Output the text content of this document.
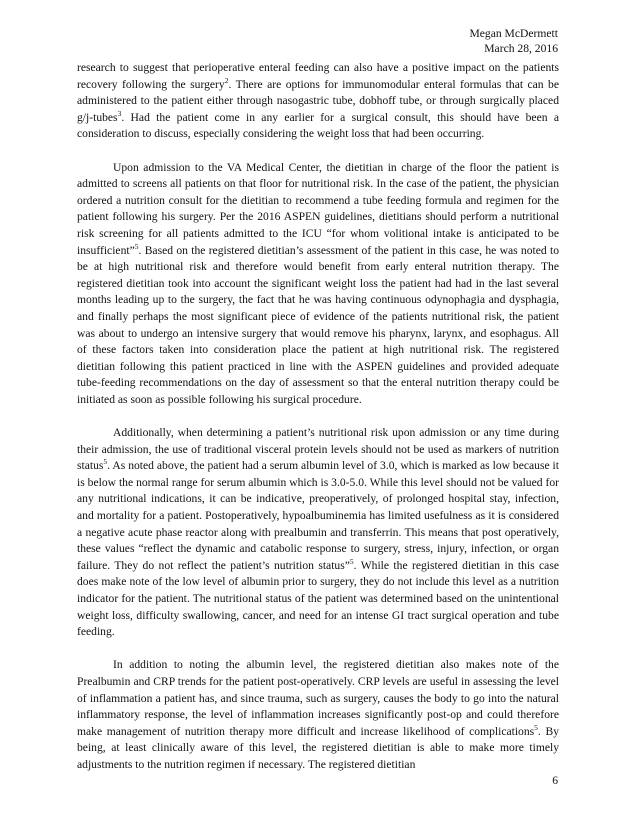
Megan McDermett
March 28, 2016

research to suggest that perioperative enteral feeding can also have a positive impact on the patients recovery following the surgery$^2$. There are options for immunomodular enteral formulas that can be administered to the patient either through nasogastric tube, dobhoff tube, or through surgically placed g/j-tubes$^3$. Had the patient come in any earlier for a surgical consult, this should have been a consideration to discuss, especially considering the weight loss that had been occurring.

Upon admission to the VA Medical Center, the dietitian in charge of the floor the patient is admitted to screens all patients on that floor for nutritional risk. In the case of the patient, the physician ordered a nutrition consult for the dietitian to recommend a tube feeding formula and regimen for the patient following his surgery. Per the 2016 ASPEN guidelines, dietitians should perform a nutritional risk screening for all patients admitted to the ICU “for whom volitional intake is anticipated to be insufficient”$^5$. Based on the registered dietitian’s assessment of the patient in this case, he was noted to be at high nutritional risk and therefore would benefit from early enteral nutrition therapy. The registered dietitian took into account the significant weight loss the patient had had in the last several months leading up to the surgery, the fact that he was having continuous odynophagia and dysphagia, and finally perhaps the most significant piece of evidence of the patients nutritional risk, the patient was about to undergo an intensive surgery that would remove his pharynx, larynx, and esophagus. All of these factors taken into consideration place the patient at high nutritional risk. The registered dietitian following this patient practiced in line with the ASPEN guidelines and provided adequate tube-feeding recommendations on the day of assessment so that the enteral nutrition therapy could be initiated as soon as possible following his surgical procedure.

Additionally, when determining a patient’s nutritional risk upon admission or any time during their admission, the use of traditional visceral protein levels should not be used as markers of nutrition status$^5$. As noted above, the patient had a serum albumin level of 3.0, which is marked as low because it is below the normal range for serum albumin which is 3.0-5.0. While this level should not be valued for any nutritional indications, it can be indicative, preoperatively, of prolonged hospital stay, infection, and mortality for a patient. Postoperatively, hypoalbuminemia has limited usefulness as it is considered a negative acute phase reactor along with prealbumin and transferrin. This means that post operatively, these values “reflect the dynamic and catabolic response to surgery, stress, injury, infection, or organ failure. They do not reflect the patient’s nutrition status”$^5$. While the registered dietitian in this case does make note of the low level of albumin prior to surgery, they do not include this level as a nutrition indicator for the patient. The nutritional status of the patient was determined based on the unintentional weight loss, difficulty swallowing, cancer, and need for an intense GI tract surgical operation and tube feeding.

In addition to noting the albumin level, the registered dietitian also makes note of the Prealbumin and CRP trends for the patient post-operatively. CRP levels are useful in assessing the level of inflammation a patient has, and since trauma, such as surgery, causes the body to go into the natural inflammatory response, the level of inflammation increases significantly post-op and could therefore make management of nutrition therapy more difficult and increase likelihood of complications$^5$. By being, at least clinically aware of this level, the registered dietitian is able to make more timely adjustments to the nutrition regimen if necessary. The registered dietitian

6
